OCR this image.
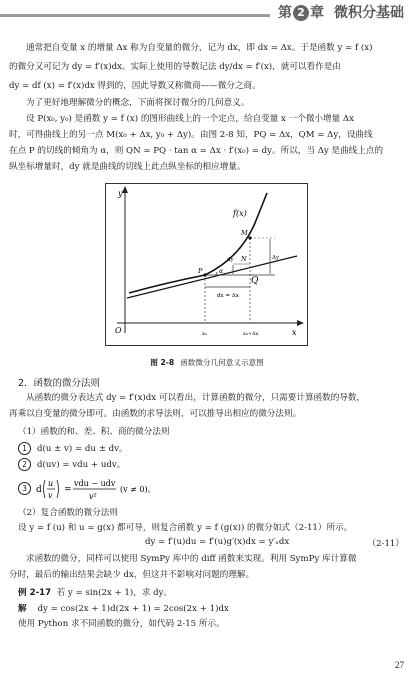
第 2 章 微积分基础
通常把自变量 x 的增量 Δx 称为自变量的微分，记为 dx，即 dx = Δx。于是函数 y = f (x)
的微分又可记为 dy = f′(x)dx。实际上使用的导数记法 dy/dx = f′(x)，就可以看作是由
dy = df (x) = f′(x)dx 得到的，因此导数又称微商——微分之商。
为了更好地理解微分的概念，下面将探讨微分的几何意义。
设 P(x₀, y₀) 是函数 y = f (x) 的图形曲线上的一个定点，给自变量 x 一个微小增量 Δx
时，可得曲线上的另一点 M(x₀ + Δx, y₀ + Δy)。由图 2-8 知，PQ = Δx，QM = Δy，设曲线
在点 P 的切线的倾角为 α，则 QN = PQ · tan α = Δx · f′(x₀) = dy。所以，当 Δy 是曲线上点的
纵坐标增量时，dy 就是曲线的切线上此点纵坐标的相应增量。
y
x
O
f(x)
M
N
P
Q
α
dy	Δy
dx = Δx
x₀	x₀+Δx
图 2-8 函数微分几何意义示意图
2．函数的微分法则
从函数的微分表达式 dy = f′(x)dx 可以看出，计算函数的微分，只需要计算函数的导数，
再乘以自变量的微分即可。由函数的求导法则，可以推导出相应的微分法则。
（1）函数的和、差、积、商的微分法则
1 d(u ± v) = du ± dv。
2 d(uv) = vdu + udv。
3	d
u
v
=
vdu − udv
v²
(v ≠ 0)。
（2）复合函数的微分法则
设 y = f (u) 和 u = g(x) 都可导，则复合函数 y = f (g(x)) 的微分如式（2-11）所示。
dy = f′(u)du = f′(u)g′(x)dx = y′ₓdx	（2-11）
求函数的微分，同样可以使用 SymPy 库中的 diff 函数来实现。利用 SymPy 库计算微
分时，最后的输出结果会缺少 dx，但这并不影响对问题的理解。
例 2-17 若 y = sin(2x + 1)，求 dy。
解 dy = cos(2x + 1)d(2x + 1) = 2cos(2x + 1)dx
使用 Python 求不同函数的微分，如代码 2-15 所示。
27
